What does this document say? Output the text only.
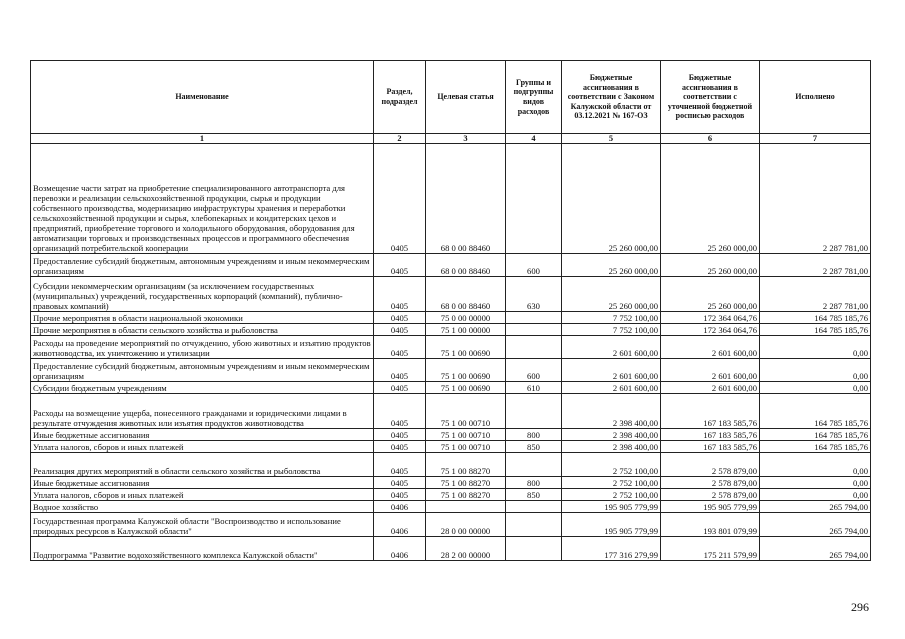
Наименование	Раздел, подраздел	Целевая статья	Группы и подгруппы видов расходов	Бюджетные ассигнования в соответствии с Законом Калужской области от 03.12.2021 № 167-ОЗ	Бюджетные ассигнования в соответствии с уточненной бюджетной росписью расходов	Исполнено
1	2	3	4	5	6	7
Возмещение части затрат на приобретение специализированного автотранспорта для перевозки и реализации сельскохозяйственной продукции, сырья и продукции собственного производства, модернизацию инфраструктуры хранения и переработки сельскохозяйственной продукции и сырья, хлебопекарных и кондитерских цехов и предприятий, приобретение торгового и холодильного оборудования, оборудования для автоматизации торговых и производственных процессов и программного обеспечения организаций потребительской кооперации	0405	68 0 00 88460		25 260 000,00	25 260 000,00	2 287 781,00
Предоставление субсидий бюджетным, автономным учреждениям и иным некоммерческим организациям	0405	68 0 00 88460	600	25 260 000,00	25 260 000,00	2 287 781,00
Субсидии некоммерческим организациям (за исключением государственных (муниципальных) учреждений, государственных корпораций (компаний), публично-правовых компаний)	0405	68 0 00 88460	630	25 260 000,00	25 260 000,00	2 287 781,00
Прочие мероприятия в области национальной экономики	0405	75 0 00 00000		7 752 100,00	172 364 064,76	164 785 185,76
Прочие мероприятия в области сельского хозяйства и рыболовства	0405	75 1 00 00000		7 752 100,00	172 364 064,76	164 785 185,76
Расходы на проведение мероприятий по отчуждению, убою животных и изъятию продуктов животноводства, их уничтожению и утилизации	0405	75 1 00 00690		2 601 600,00	2 601 600,00	0,00
Предоставление субсидий бюджетным, автономным учреждениям и иным некоммерческим организациям	0405	75 1 00 00690	600	2 601 600,00	2 601 600,00	0,00
Субсидии бюджетным учреждениям	0405	75 1 00 00690	610	2 601 600,00	2 601 600,00	0,00
Расходы на возмещение ущерба, понесенного гражданами и юридическими лицами в результате отчуждения животных или изъятия продуктов животноводства	0405	75 1 00 00710		2 398 400,00	167 183 585,76	164 785 185,76
Иные бюджетные ассигнования	0405	75 1 00 00710	800	2 398 400,00	167 183 585,76	164 785 185,76
Уплата налогов, сборов и иных платежей	0405	75 1 00 00710	850	2 398 400,00	167 183 585,76	164 785 185,76
Реализация других мероприятий в области сельского хозяйства и рыболовства	0405	75 1 00 88270		2 752 100,00	2 578 879,00	0,00
Иные бюджетные ассигнования	0405	75 1 00 88270	800	2 752 100,00	2 578 879,00	0,00
Уплата налогов, сборов и иных платежей	0405	75 1 00 88270	850	2 752 100,00	2 578 879,00	0,00
Водное хозяйство	0406			195 905 779,99	195 905 779,99	265 794,00
Государственная программа Калужской области "Воспроизводство и использование природных ресурсов в Калужской области"	0406	28 0 00 00000		195 905 779,99	193 801 079,99	265 794,00
Подпрограмма "Развитие водохозяйственного комплекса Калужской области"	0406	28 2 00 00000		177 316 279,99	175 211 579,99	265 794,00
296
